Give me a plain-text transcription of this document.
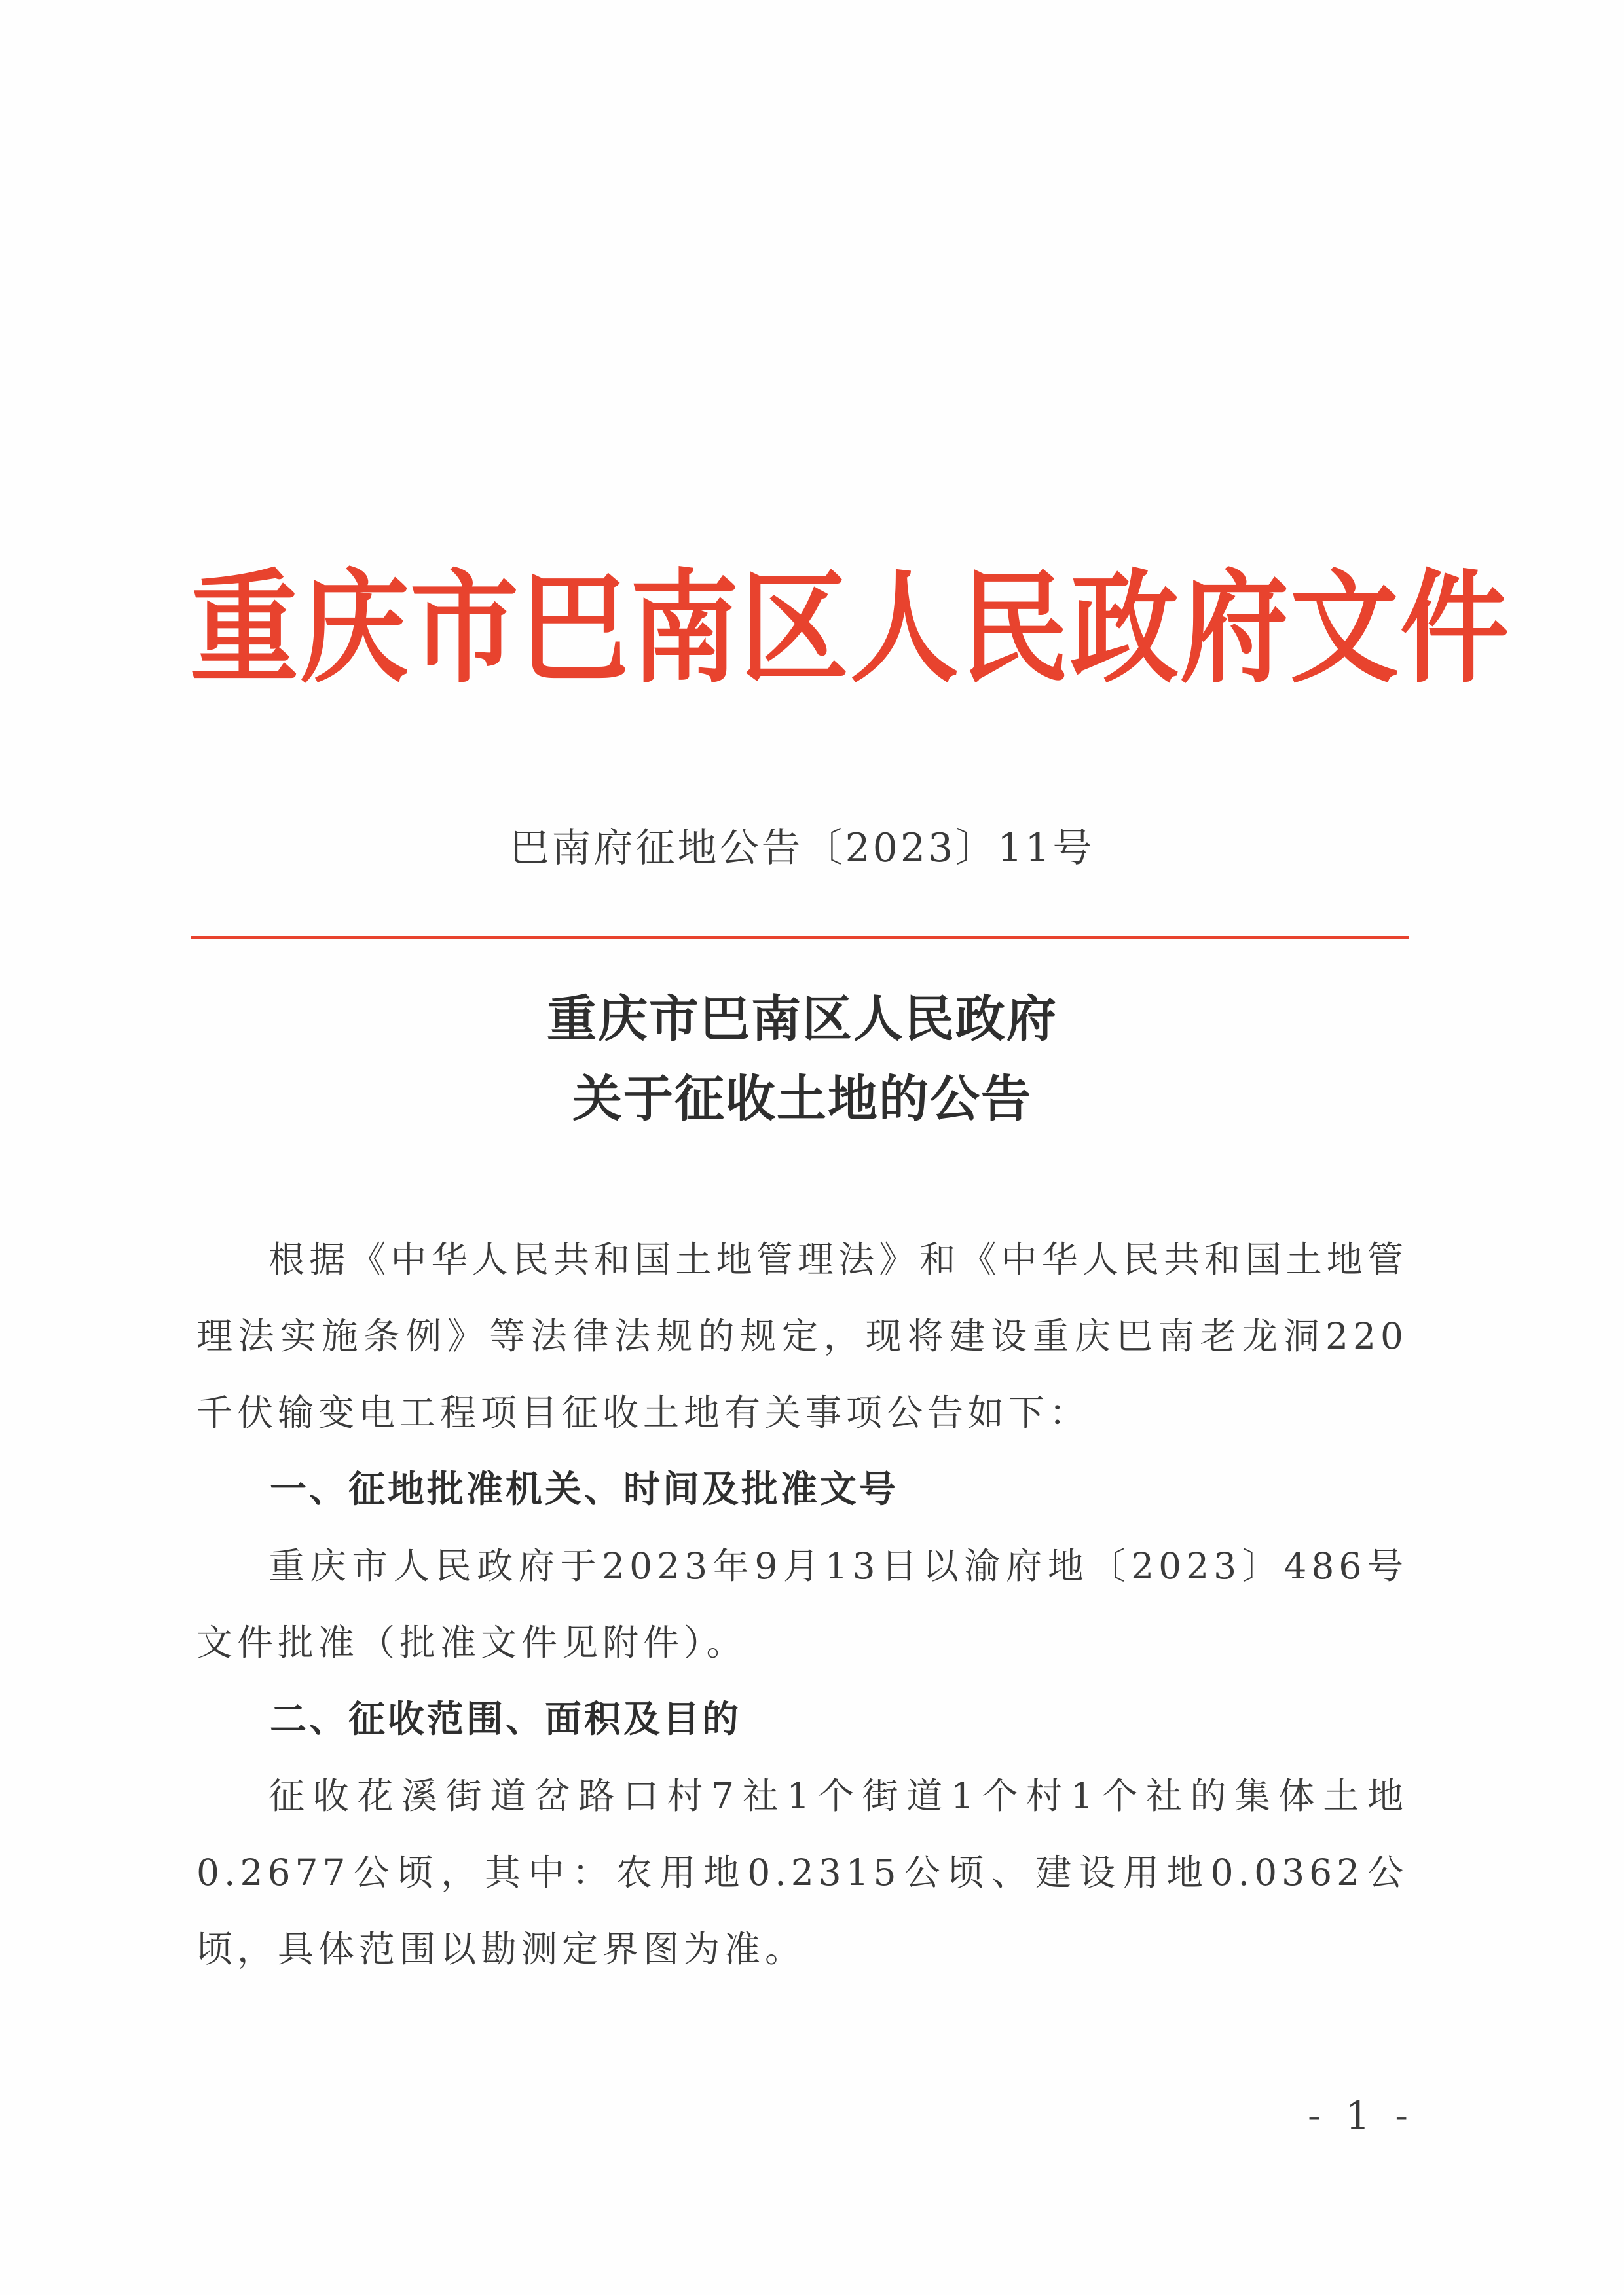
重庆市巴南区人民政府文件
巴南府征地公告〔2023〕11号
重庆市巴南区人民政府
关于征收土地的公告

根据《中华人民共和国土地管理法》和《中华人民共和国土地管理法实施条例》等法律法规的规定，现将建设重庆巴南老龙洞220千伏输变电工程项目征收土地有关事项公告如下：

一、征地批准机关、时间及批准文号

重庆市人民政府于2023年9月13日以渝府地〔2023〕486号文件批准（批准文件见附件）。

二、征收范围、面积及目的

征收花溪街道岔路口村7社1个街道1个村1个社的集体土地0.2677公顷，其中：农用地0.2315公顷、建设用地0.0362公顷，具体范围以勘测定界图为准。

- 1 -
